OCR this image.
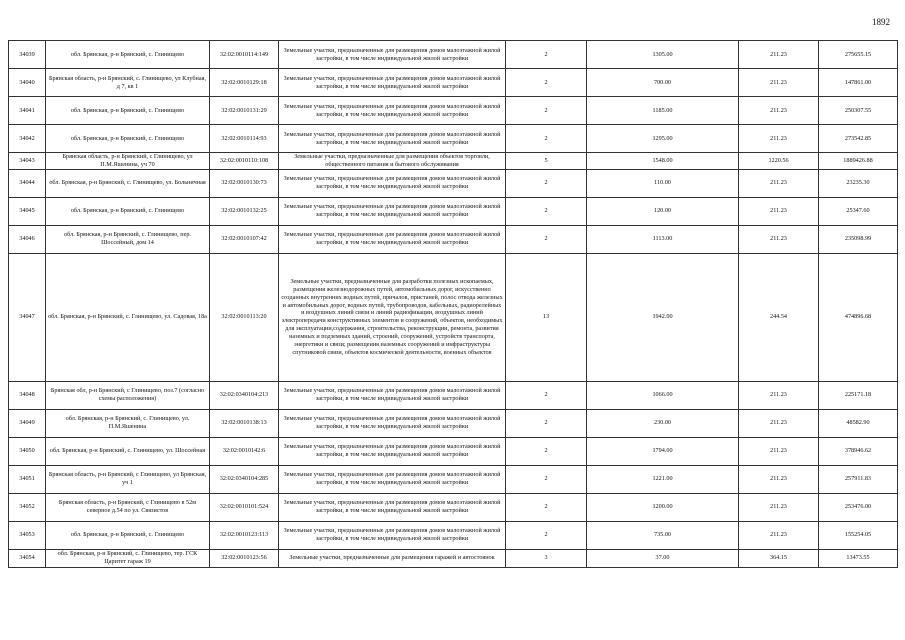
1892
34039	обл. Брянская, р-н Брянский, с. Глинищево	32:02:0010114:149	Земельные участки, предназначенные для размещения домов малоэтажной жилой застройки, в том числе индивидуальной жилой застройки	2	1305.00	211.23	275655.15
34040	Брянская область, р-н Брянский, с. Глинищево, ул Клубная, д 7, кв 1	32:02:0010129:18	Земельные участки, предназначенные для размещения домов малоэтажной жилой застройки, в том числе индивидуальной жилой застройки	2	700.00	211.23	147861.00
34041	обл. Брянская, р-н Брянский, с. Глинищево	32:02:0010131:29	Земельные участки, предназначенные для размещения домов малоэтажной жилой застройки, в том числе индивидуальной жилой застройки	2	1185.00	211.23	250307.55
34042	обл. Брянская, р-н Брянский, с. Глинищево	32:02:0010114:93	Земельные участки, предназначенные для размещения домов малоэтажной жилой застройки, в том числе индивидуальной жилой застройки	2	1295.00	211.23	273542.85
34043	Брянская область, р-н Брянский, с Глинищево, ул П.М.Яшенина, уч 70	32:02:0010110:108	Земельные участки, предназначенные для размещения объектов торговли, общественного питания и бытового обслуживания	5	1548.00	1220.56	1889426.88
34044	обл. Брянская, р-н Брянский, с. Глинищево, ул. Больничная	32:02:0010130:73	Земельные участки, предназначенные для размещения домов малоэтажной жилой застройки, в том числе индивидуальной жилой застройки	2	110.00	211.23	23235.30
34045	обл. Брянская, р-н Брянский, с. Глинищево	32:02:0010132:25	Земельные участки, предназначенные для размещения домов малоэтажной жилой застройки, в том числе индивидуальной жилой застройки	2	120.00	211.23	25347.60
34046	обл. Брянская, р-н Брянский, с. Глинищево, пер. Шоссейный, дом 14	32:02:0010107:42	Земельные участки, предназначенные для размещения домов малоэтажной жилой застройки, в том числе индивидуальной жилой застройки	2	1113.00	211.23	235098.99
34047	обл. Брянская, р-н Брянский, с. Глинищево, ул. Садовая, 18а	32:02:0010113:20	Земельные участки, предназначенные для разработки полезных ископаемых, размещения железнодорожных путей, автомобильных дорог, искусственно созданных внутренних водных путей, причалов, пристаней, полос отвода железных и автомобильных дорог, водных путей, трубопроводов, кабельных, радиорелейных и воздушных линий связи и линий радиофикации, воздушных линий электропередачи конструктивных элементов и сооружений, объектов, необходимых для эксплуатации,содержания, строительства, реконструкции, ремонта, развития наземных и подземных зданий, строений, сооружений, устройств транспорта, энергетики и связи; размещения наземных сооружений и инфраструктуры спутниковой связи, объектов космической деятельности, военных объектов	13	1942.00	244.54	474896.68
34048	Брянская обл, р-н Брянский, с Глинищево, поз.7 (согласно схемы расположения)	32:02:0340104:213	Земельные участки, предназначенные для размещения домов малоэтажной жилой застройки, в том числе индивидуальной жилой застройки	2	1066.00	211.23	225171.18
34049	обл. Брянская, р-н Брянский, с. Глинищево, ул. П.М.Яшенина	32:02:0010138:13	Земельные участки, предназначенные для размещения домов малоэтажной жилой застройки, в том числе индивидуальной жилой застройки	2	230.00	211.23	48582.90
34050	обл. Брянская, р-н Брянский, с. Глинищево, ул. Шоссейная	32:02:0010142:6	Земельные участки, предназначенные для размещения домов малоэтажной жилой застройки, в том числе индивидуальной жилой застройки	2	1794.00	211.23	378946.62
34051	Брянская область, р-н Брянский, с Глинищево, ул Брянская, уч 1	32:02:0340104:285	Земельные участки, предназначенные для размещения домов малоэтажной жилой застройки, в том числе индивидуальной жилой застройки	2	1221.00	211.23	257911.83
34052	Брянская область, р-н Брянский, с Глинищево в 52м северное д.54 по ул. Связистов	32:02:0010101:524	Земельные участки, предназначенные для размещения домов малоэтажной жилой застройки, в том числе индивидуальной жилой застройки	2	1200.00	211.23	253476.00
34053	обл. Брянская, р-н Брянский, с. Глинищево	32:02:0010123:113	Земельные участки, предназначенные для размещения домов малоэтажной жилой застройки, в том числе индивидуальной жилой застройки	2	735.00	211.23	155254.05
34054	обл. Брянская, р-н Брянский, с. Глинищево, тер. ГСК Царитет гараж 19	32:02:0010123:56	Земельные участки, предназначенные для размещения гаражей и автостоянок	3	37.00	364.15	13473.55
